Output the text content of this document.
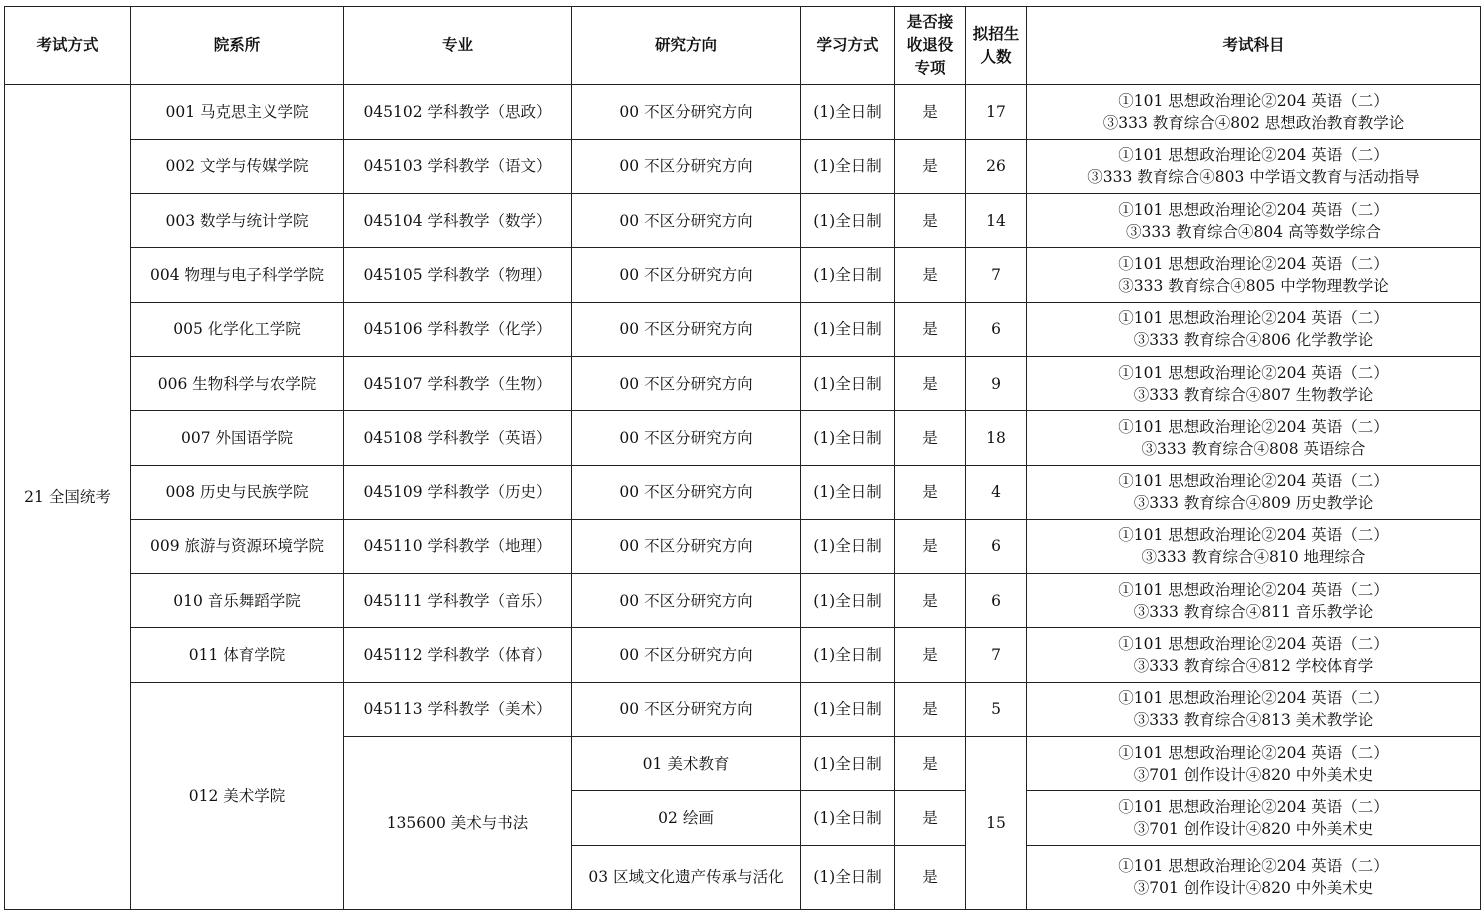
考试方式	院系所	专业	研究方向	学习方式	是否接收退役专项	拟招生人数	考试科目
21 全国统考	001 马克思主义学院	045102 学科教学（思政）	00 不区分研究方向	(1)全日制	是	17	①101 思想政治理论②204 英语（二）
③333 教育综合④802 思想政治教育教学论

	002 文学与传媒学院	045103 学科教学（语文）	00 不区分研究方向	(1)全日制	是	26	①101 思想政治理论②204 英语（二）
③333 教育综合④803 中学语文教育与活动指导

	003 数学与统计学院	045104 学科教学（数学）	00 不区分研究方向	(1)全日制	是	14	①101 思想政治理论②204 英语（二）
③333 教育综合④804 高等数学综合

	004 物理与电子科学学院	045105 学科教学（物理）	00 不区分研究方向	(1)全日制	是	7	①101 思想政治理论②204 英语（二）
③333 教育综合④805 中学物理教学论

	005 化学化工学院	045106 学科教学（化学）	00 不区分研究方向	(1)全日制	是	6	①101 思想政治理论②204 英语（二）
③333 教育综合④806 化学教学论

	006 生物科学与农学院	045107 学科教学（生物）	00 不区分研究方向	(1)全日制	是	9	①101 思想政治理论②204 英语（二）
③333 教育综合④807 生物教学论

	007 外国语学院	045108 学科教学（英语）	00 不区分研究方向	(1)全日制	是	18	①101 思想政治理论②204 英语（二）
③333 教育综合④808 英语综合

	008 历史与民族学院	045109 学科教学（历史）	00 不区分研究方向	(1)全日制	是	4	①101 思想政治理论②204 英语（二）
③333 教育综合④809 历史教学论

	009 旅游与资源环境学院	045110 学科教学（地理）	00 不区分研究方向	(1)全日制	是	6	①101 思想政治理论②204 英语（二）
③333 教育综合④810 地理综合

	010 音乐舞蹈学院	045111 学科教学（音乐）	00 不区分研究方向	(1)全日制	是	6	①101 思想政治理论②204 英语（二）
③333 教育综合④811 音乐教学论

	011 体育学院	045112 学科教学（体育）	00 不区分研究方向	(1)全日制	是	7	①101 思想政治理论②204 英语（二）
③333 教育综合④812 学校体育学

	012 美术学院	045113 学科教学（美术）	00 不区分研究方向	(1)全日制	是	5	①101 思想政治理论②204 英语（二）
③333 教育综合④813 美术教学论

		135600 美术与书法	01 美术教育	(1)全日制	是	15	①101 思想政治理论②204 英语（二）
③701 创作设计④820 中外美术史

			02 绘画	(1)全日制	是		①101 思想政治理论②204 英语（二）
③701 创作设计④820 中外美术史

			03 区域文化遗产传承与活化	(1)全日制	是		①101 思想政治理论②204 英语（二）
③701 创作设计④820 中外美术史
